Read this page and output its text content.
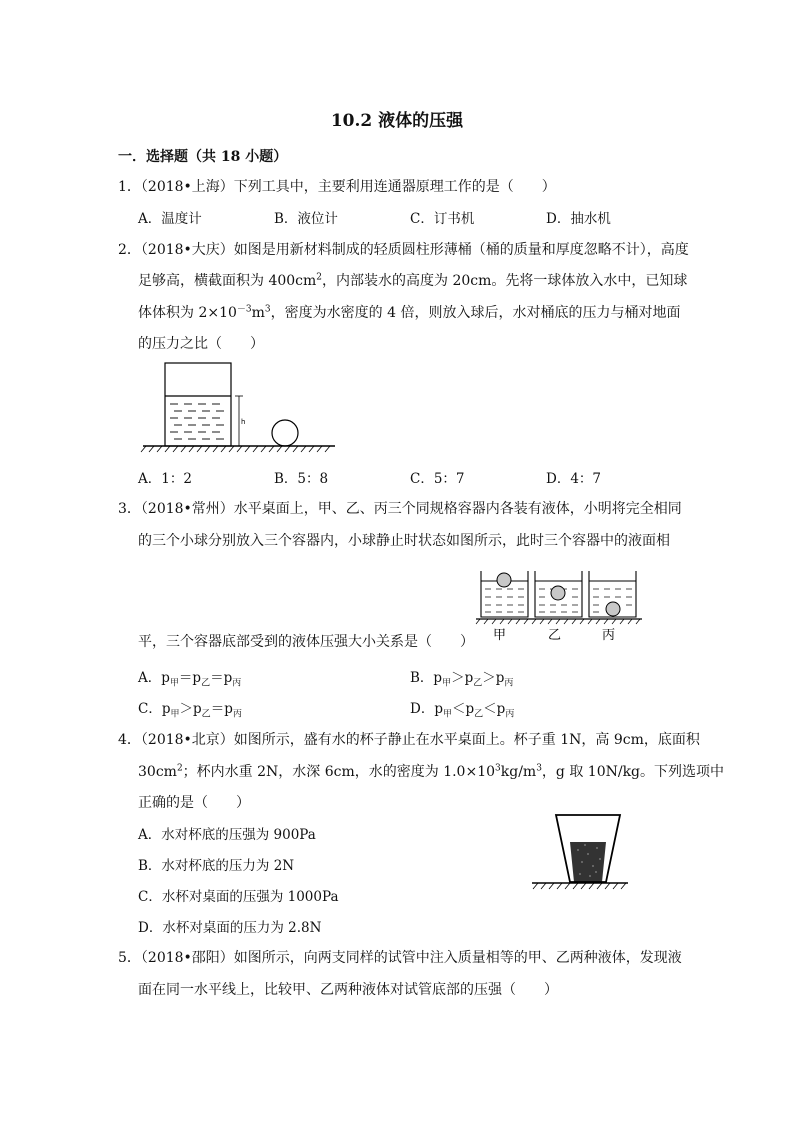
10.2 液体的压强
一．选择题（共 18 小题）
1．（2018•上海）下列工具中，主要利用连通器原理工作的是（　　）
A．温度计	B．液位计	C．订书机	D．抽水机
2．（2018•大庆）如图是用新材料制成的轻质圆柱形薄桶（桶的质量和厚度忽略不计），高度
足够高，横截面积为 $400cm^2$，内部装水的高度为 20cm。先将一球体放入水中，已知球
体体积为 $2\times 10^{-3}m^3$，密度为水密度的 4 倍，则放入球后，水对桶底的压力与桶对地面
的压力之比（　　）
h
A．1：2	B．5：8	C．5：7	D．4：7
3．（2018•常州）水平桌面上，甲、乙、丙三个同规格容器内各装有液体，小明将完全相同
的三个小球分别放入三个容器内，小球静止时状态如图所示，此时三个容器中的液面相
甲	乙	丙
平，三个容器底部受到的液体压强大小关系是（　　）
A．$p_甲=p_乙=p_丙$	B．$p_甲>p_乙>p_丙$
C．$p_甲>p_乙=p_丙$	D．$p_甲<p_乙<p_丙$
4．（2018•北京）如图所示，盛有水的杯子静止在水平桌面上。杯子重 1N，高 9cm，底面积
$30cm^2$；杯内水重 2N，水深 6cm，水的密度为 $1.0\times 10^3kg/m^3$，g 取 10N/kg。下列选项中
正确的是（　　）
A．水对杯底的压强为 900Pa
B．水对杯底的压力为 2N
C．水杯对桌面的压强为 1000Pa
D．水杯对桌面的压力为 2.8N
5．（2018•邵阳）如图所示，向两支同样的试管中注入质量相等的甲、乙两种液体，发现液
面在同一水平线上，比较甲、乙两种液体对试管底部的压强（　　）
